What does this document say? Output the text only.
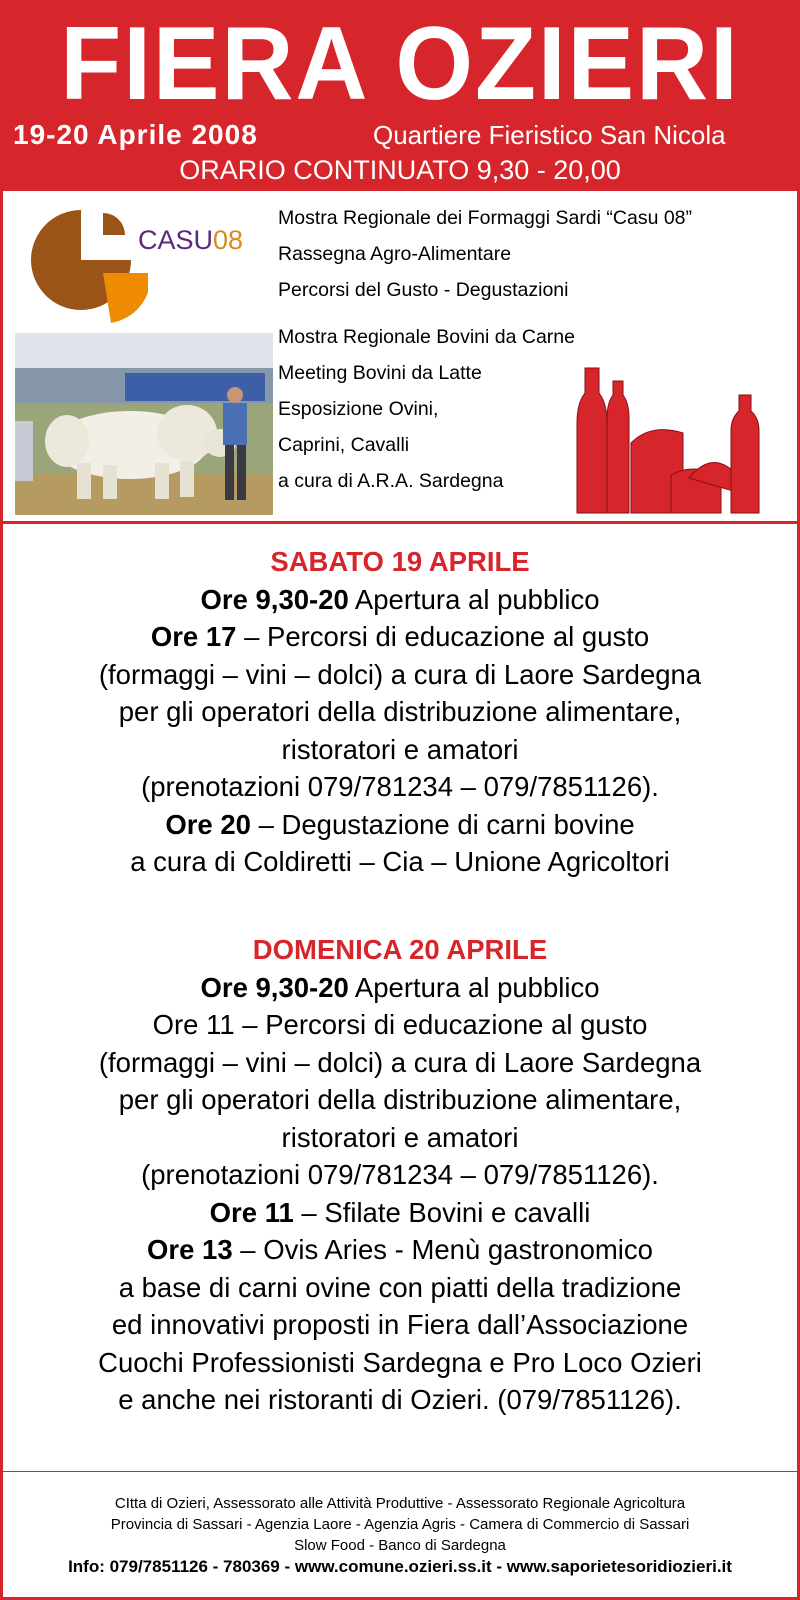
FIERA OZIERI
19-20 Aprile 2008	Quartiere Fieristico San Nicola
ORARIO CONTINUATO 9,30 - 20,00
CASU08
Mostra Regionale dei Formaggi Sardi “Casu 08”
Rassegna Agro-Alimentare
Percorsi del Gusto - Degustazioni
Mostra Regionale Bovini da Carne
Meeting Bovini da Latte
Esposizione Ovini,
Caprini, Cavalli
a cura di A.R.A. Sardegna
SABATO 19 APRILE
Ore 9,30-20 Apertura al pubblico
Ore 17 – Percorsi di educazione al gusto
(formaggi – vini – dolci) a cura di Laore Sardegna
per gli operatori della distribuzione alimentare,
ristoratori e amatori
(prenotazioni 079/781234 – 079/7851126).
Ore 20 – Degustazione di carni bovine
a cura di Coldiretti – Cia – Unione Agricoltori
DOMENICA 20 APRILE
Ore 9,30-20 Apertura al pubblico
Ore 11 – Percorsi di educazione al gusto
(formaggi – vini – dolci) a cura di Laore Sardegna
per gli operatori della distribuzione alimentare,
ristoratori e amatori
(prenotazioni 079/781234 – 079/7851126).
Ore 11 – Sfilate Bovini e cavalli
Ore 13 – Ovis Aries - Menù gastronomico
a base di carni ovine con piatti della tradizione
ed innovativi proposti in Fiera dall’Associazione
Cuochi Professionisti Sardegna e Pro Loco Ozieri
e anche nei ristoranti di Ozieri. (079/7851126).
CItta di Ozieri, Assessorato alle Attività Produttive - Assessorato Regionale Agricoltura
Provincia di Sassari - Agenzia Laore - Agenzia Agris - Camera di Commercio di Sassari
Slow Food - Banco di Sardegna
Info: 079/7851126 - 780369 - www.comune.ozieri.ss.it - www.saporietesoridiozieri.it
